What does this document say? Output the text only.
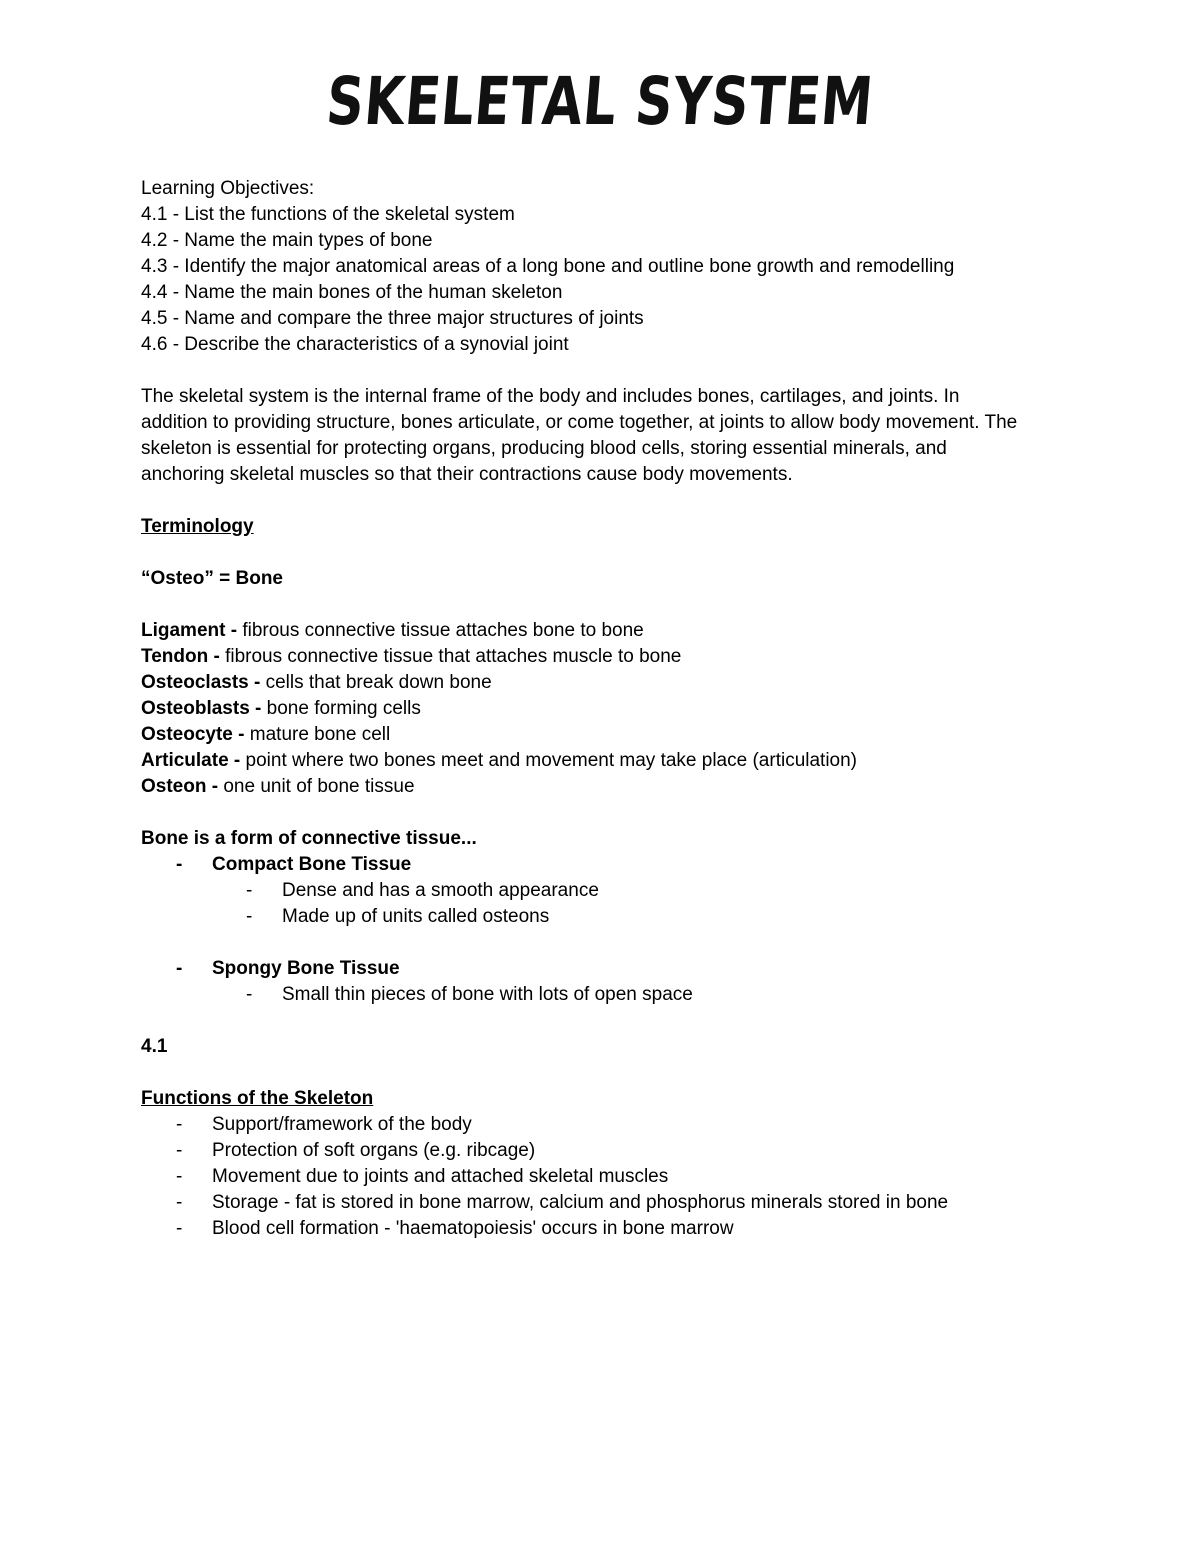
SKELETAL SYSTEM
Learning Objectives:
4.1 - List the functions of the skeletal system
4.2 - Name the main types of bone
4.3 - Identify the major anatomical areas of a long bone and outline bone growth and remodelling
4.4 - Name the main bones of the human skeleton
4.5 - Name and compare the three major structures of joints
4.6 - Describe the characteristics of a synovial joint
The skeletal system is the internal frame of the body and includes bones, cartilages, and joints. In
addition to providing structure, bones articulate, or come together, at joints to allow body movement. The
skeleton is essential for protecting organs, producing blood cells, storing essential minerals, and
anchoring skeletal muscles so that their contractions cause body movements.
Terminology
“Osteo” = Bone
Ligament - fibrous connective tissue attaches bone to bone
Tendon - fibrous connective tissue that attaches muscle to bone
Osteoclasts - cells that break down bone
Osteoblasts - bone forming cells
Osteocyte - mature bone cell
Articulate - point where two bones meet and movement may take place (articulation)
Osteon - one unit of bone tissue
Bone is a form of connective tissue...
- Compact Bone Tissue
- Dense and has a smooth appearance
- Made up of units called osteons
- Spongy Bone Tissue
- Small thin pieces of bone with lots of open space
4.1
Functions of the Skeleton
- Support/framework of the body
- Protection of soft organs (e.g. ribcage)
- Movement due to joints and attached skeletal muscles
- Storage - fat is stored in bone marrow, calcium and phosphorus minerals stored in bone
- Blood cell formation - 'haematopoiesis' occurs in bone marrow
